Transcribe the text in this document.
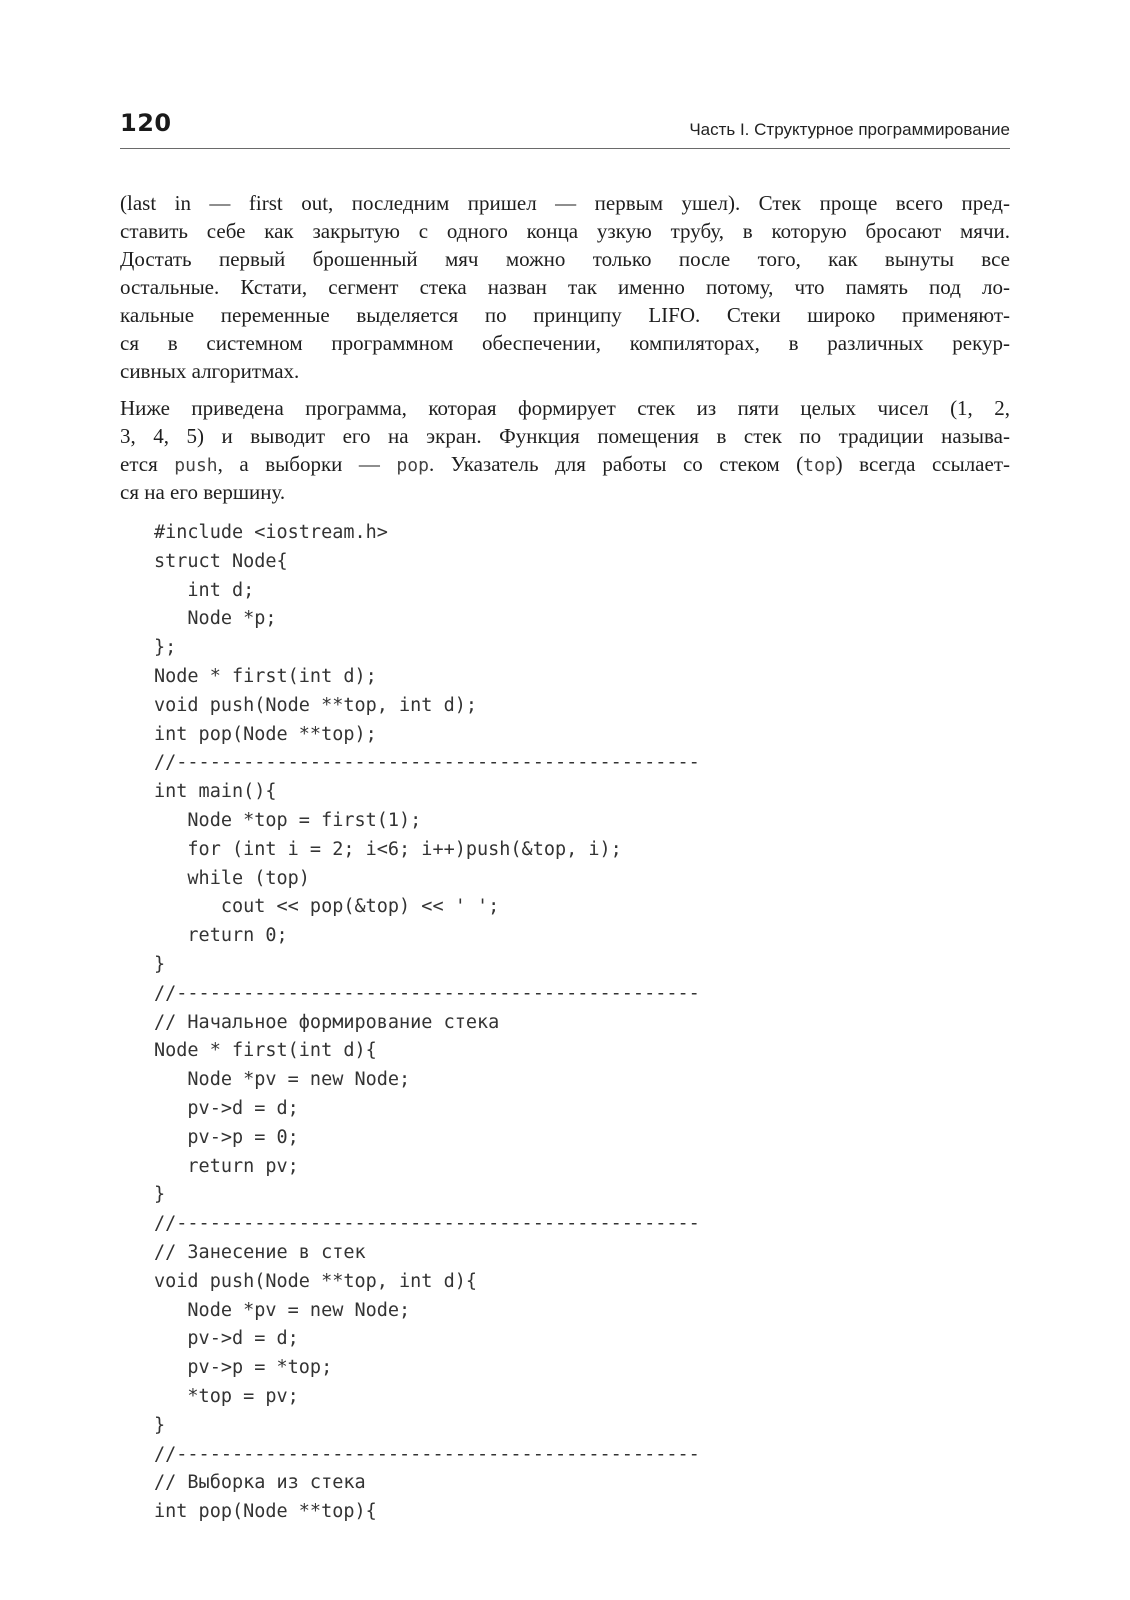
120	Часть I. Структурное программирование

(last in — first out, последним пришел — первым ушел). Стек проще всего пред-
ставить себе как закрытую с одного конца узкую трубу, в которую бросают мячи.
Достать первый брошенный мяч можно только после того, как вынуты все
остальные. Кстати, сегмент стека назван так именно потому, что память под ло-
кальные переменные выделяется по принципу LIFO. Стеки широко применяют-
ся в системном программном обеспечении, компиляторах, в различных рекур-
сивных алгоритмах.

Ниже приведена программа, которая формирует стек из пяти целых чисел (1, 2,
3, 4, 5) и выводит его на экран. Функция помещения в стек по традиции называ-
ется push, а выборки — pop. Указатель для работы со стеком (top) всегда ссылает-
ся на его вершину.

#include <iostream.h>
struct Node{
int d;
Node *p;
};
Node * first(int d);
void push(Node **top, int d);
int pop(Node **top);
//-----------------------------------------------
int main(){
Node *top = first(1);
for (int i = 2; i<6; i++)push(&top, i);
while (top)
cout << pop(&top) << ' ';
return 0;
}
//-----------------------------------------------
// Начальное формирование стека
Node * first(int d){
Node *pv = new Node;
pv->d = d;
pv->p = 0;
return pv;
}
//-----------------------------------------------
// Занесение в стек
void push(Node **top, int d){
Node *pv = new Node;
pv->d = d;
pv->p = *top;
*top = pv;
}
//-----------------------------------------------
// Выборка из стека
int pop(Node **top){
